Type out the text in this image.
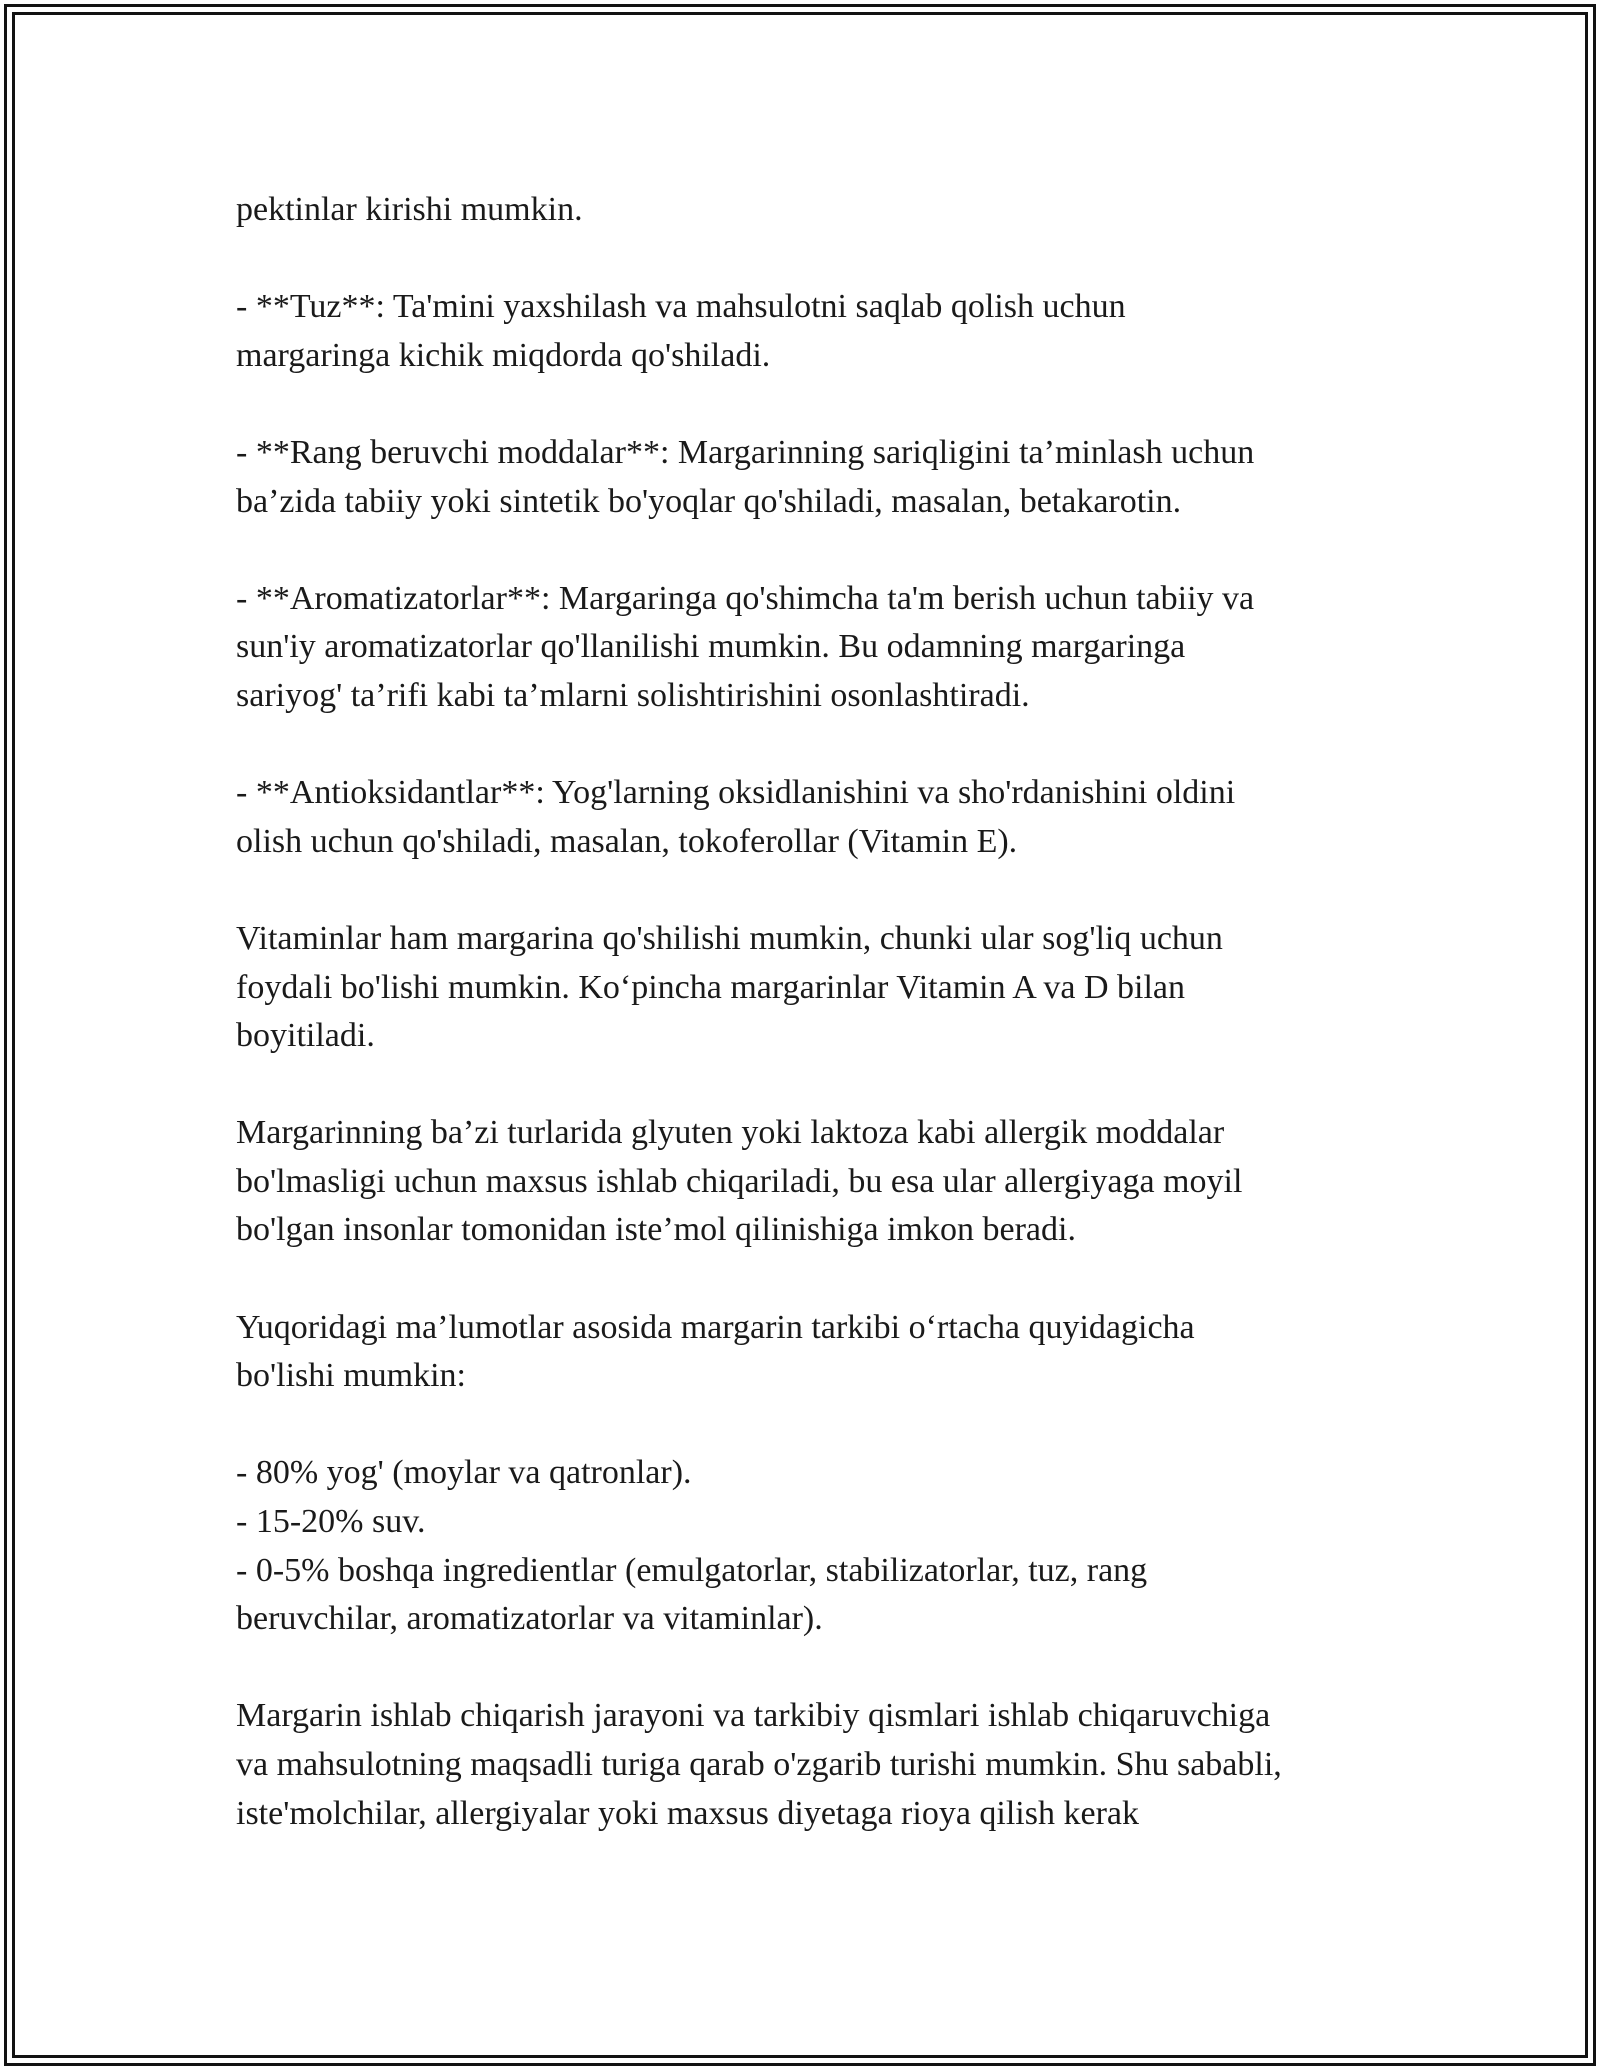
pektinlar kirishi mumkin.

- **Tuz**: Ta'mini yaxshilash va mahsulotni saqlab qolish uchun
margaringa kichik miqdorda qo'shiladi.

- **Rang beruvchi moddalar**: Margarinning sariqligini ta’minlash uchun
ba’zida tabiiy yoki sintetik bo'yoqlar qo'shiladi, masalan, betakarotin.

- **Aromatizatorlar**: Margaringa qo'shimcha ta'm berish uchun tabiiy va
sun'iy aromatizatorlar qo'llanilishi mumkin. Bu odamning margaringa
sariyog' ta’rifi kabi ta’mlarni solishtirishini osonlashtiradi.

- **Antioksidantlar**: Yog'larning oksidlanishini va sho'rdanishini oldini
olish uchun qo'shiladi, masalan, tokoferollar (Vitamin E).

Vitaminlar ham margarina qo'shilishi mumkin, chunki ular sog'liq uchun
foydali bo'lishi mumkin. Ko‘pincha margarinlar Vitamin A va D bilan
boyitiladi.

Margarinning ba’zi turlarida glyuten yoki laktoza kabi allergik moddalar
bo'lmasligi uchun maxsus ishlab chiqariladi, bu esa ular allergiyaga moyil
bo'lgan insonlar tomonidan iste’mol qilinishiga imkon beradi.

Yuqoridagi ma’lumotlar asosida margarin tarkibi o‘rtacha quyidagicha
bo'lishi mumkin:

- 80% yog' (moylar va qatronlar).
- 15-20% suv.
- 0-5% boshqa ingredientlar (emulgatorlar, stabilizatorlar, tuz, rang
beruvchilar, aromatizatorlar va vitaminlar).

Margarin ishlab chiqarish jarayoni va tarkibiy qismlari ishlab chiqaruvchiga
va mahsulotning maqsadli turiga qarab o'zgarib turishi mumkin. Shu sababli,
iste'molchilar, allergiyalar yoki maxsus diyetaga rioya qilish kerak
